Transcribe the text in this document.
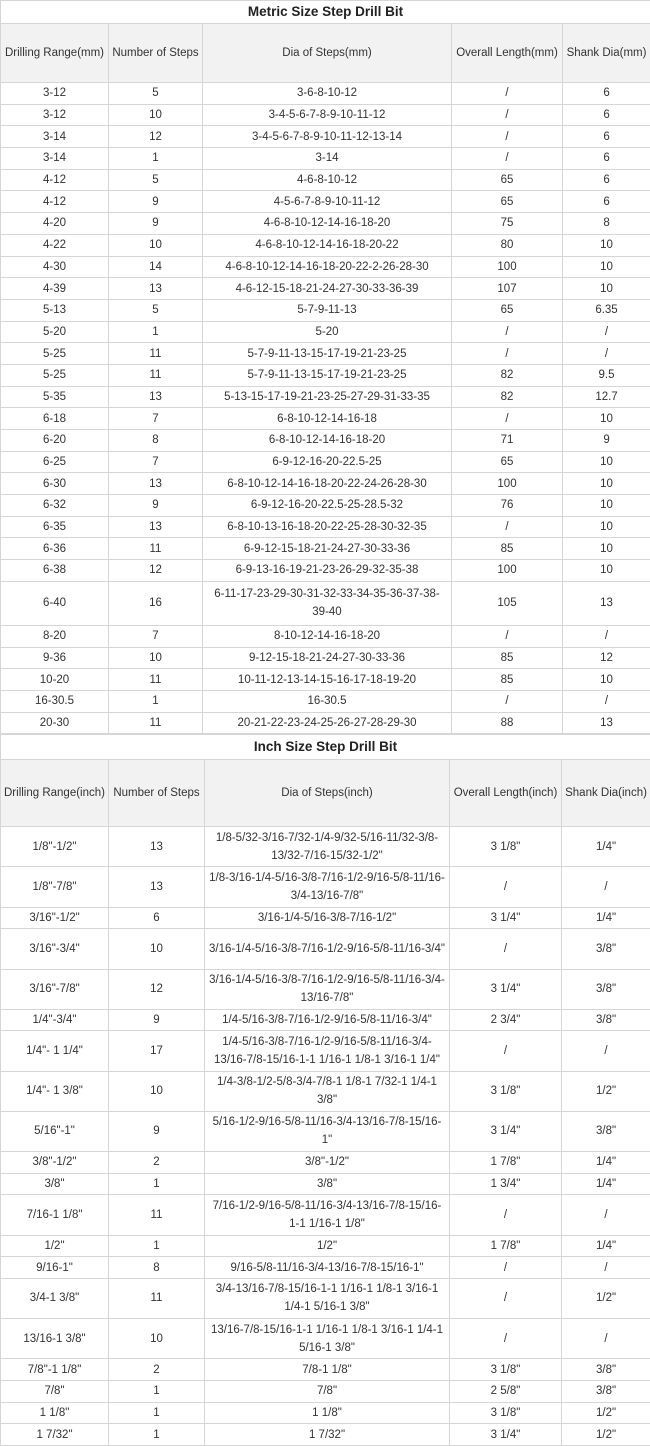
Metric Size Step Drill Bit				
Drilling Range(mm)	Number of Steps	Dia of Steps(mm)	Overall Length(mm)	Shank Dia(mm)
3-12	5	3-6-8-10-12	/	6
3-12	10	3-4-5-6-7-8-9-10-11-12	/	6
3-14	12	3-4-5-6-7-8-9-10-11-12-13-14	/	6
3-14	1	3-14	/	6
4-12	5	4-6-8-10-12	65	6
4-12	9	4-5-6-7-8-9-10-11-12	65	6
4-20	9	4-6-8-10-12-14-16-18-20	75	8
4-22	10	4-6-8-10-12-14-16-18-20-22	80	10
4-30	14	4-6-8-10-12-14-16-18-20-22-2-26-28-30	100	10
4-39	13	4-6-12-15-18-21-24-27-30-33-36-39	107	10
5-13	5	5-7-9-11-13	65	6.35
5-20	1	5-20	/	/
5-25	11	5-7-9-11-13-15-17-19-21-23-25	/	/
5-25	11	5-7-9-11-13-15-17-19-21-23-25	82	9.5
5-35	13	5-13-15-17-19-21-23-25-27-29-31-33-35	82	12.7
6-18	7	6-8-10-12-14-16-18	/	10
6-20	8	6-8-10-12-14-16-18-20	71	9
6-25	7	6-9-12-16-20-22.5-25	65	10
6-30	13	6-8-10-12-14-16-18-20-22-24-26-28-30	100	10
6-32	9	6-9-12-16-20-22.5-25-28.5-32	76	10
6-35	13	6-8-10-13-16-18-20-22-25-28-30-32-35	/	10
6-36	11	6-9-12-15-18-21-24-27-30-33-36	85	10
6-38	12	6-9-13-16-19-21-23-26-29-32-35-38	100	10
6-40	16	6-11-17-23-29-30-31-32-33-34-35-36-37-38-39-40	105	13
8-20	7	8-10-12-14-16-18-20	/	/
9-36	10	9-12-15-18-21-24-27-30-33-36	85	12
10-20	11	10-11-12-13-14-15-16-17-18-19-20	85	10
16-30.5	1	16-30.5	/	/
20-30	11	20-21-22-23-24-25-26-27-28-29-30	88	13
Inch Size Step Drill Bit				
Drilling Range(inch)	Number of Steps	Dia of Steps(inch)	Overall Length(inch)	Shank Dia(inch)
1/8"-1/2"	13	1/8-5/32-3/16-7/32-1/4-9/32-5/16-11/32-3/8-13/32-7/16-15/32-1/2"	3 1/8"	1/4"
1/8"-7/8"	13	1/8-3/16-1/4-5/16-3/8-7/16-1/2-9/16-5/8-11/16-3/4-13/16-7/8"	/	/
3/16"-1/2"	6	3/16-1/4-5/16-3/8-7/16-1/2"	3 1/4"	1/4"
3/16"-3/4"	10	3/16-1/4-5/16-3/8-7/16-1/2-9/16-5/8-11/16-3/4"	/	3/8"
3/16"-7/8"	12	3/16-1/4-5/16-3/8-7/16-1/2-9/16-5/8-11/16-3/4-13/16-7/8"	3 1/4"	3/8"
1/4"-3/4"	9	1/4-5/16-3/8-7/16-1/2-9/16-5/8-11/16-3/4"	2 3/4"	3/8"
1/4"- 1 1/4"	17	1/4-5/16-3/8-7/16-1/2-9/16-5/8-11/16-3/4-13/16-7/8-15/16-1-1 1/16-1 1/8-1 3/16-1 1/4"	/	/
1/4"- 1 3/8"	10	1/4-3/8-1/2-5/8-3/4-7/8-1 1/8-1 7/32-1 1/4-1 3/8"	3 1/8"	1/2"
5/16"-1"	9	5/16-1/2-9/16-5/8-11/16-3/4-13/16-7/8-15/16-1"	3 1/4"	3/8"
3/8"-1/2"	2	3/8"-1/2"	1 7/8"	1/4"
3/8"	1	3/8"	1 3/4"	1/4"
7/16-1 1/8"	11	7/16-1/2-9/16-5/8-11/16-3/4-13/16-7/8-15/16-1-1 1/16-1 1/8"	/	/
1/2"	1	1/2"	1 7/8"	1/4"
9/16-1"	8	9/16-5/8-11/16-3/4-13/16-7/8-15/16-1"	/	/
3/4-1 3/8"	11	3/4-13/16-7/8-15/16-1-1 1/16-1 1/8-1 3/16-1 1/4-1 5/16-1 3/8"	/	1/2"
13/16-1 3/8"	10	13/16-7/8-15/16-1-1 1/16-1 1/8-1 3/16-1 1/4-1 5/16-1 3/8"	/	/
7/8"-1 1/8"	2	7/8-1 1/8"	3 1/8"	3/8"
7/8"	1	7/8"	2 5/8"	3/8"
1 1/8"	1	1 1/8"	3 1/8"	1/2"
1 7/32"	1	1 7/32"	3 1/4"	1/2"
